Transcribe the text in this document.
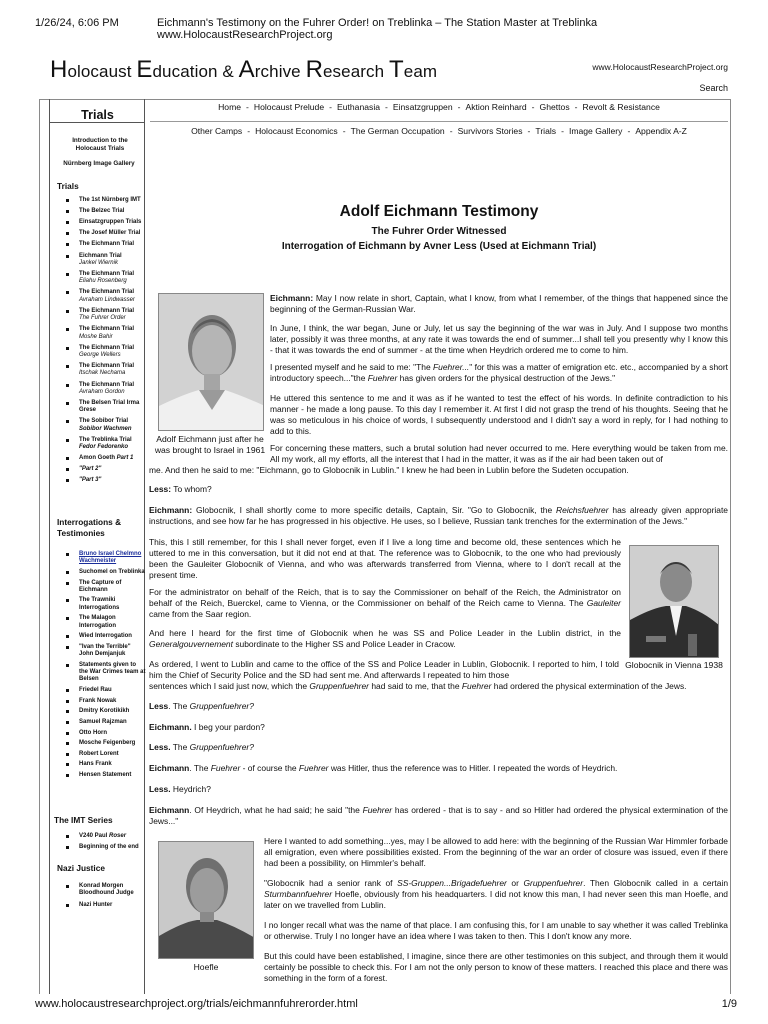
1/26/24, 6:06 PM	Eichmann's Testimony on the Fuhrer Order! on Treblinka – The Station Master at Treblinka www.HolocaustResearchProject.org
Holocaust Education & Archive Research Team	www.HolocaustResearchProject.org
Search
Trials
Introduction to the Holocaust Trials
Nürnberg Image Gallery
Trials
The 1st Nürnberg IMT
The Belzec Trial
Einsatzgruppen Trials
The Josef Müller Trial
The Eichmann Trial
Eichmann Trial
Jankel Wiernik
The Eichmann Trial
Eliahu Rosenberg
The Eichmann Trial
Avraham Lindwasser
The Eichmann Trial
The Fuhrer Order
The Eichmann Trial
Moshe Bahir
The Eichmann Trial
George Wellers
The Eichmann Trial
Itschak Nechama
The Eichmann Trial
Avraham Gordon
The Belsen Trial Irma Grese
The Sobibor Trial
Sobibor Wachmen
The Treblinka Trial
Fedor Fedorenko
Amon Goeth Part 1
"Part 2"
"Part 3"
Interrogations & Testimonies
Bruno Israel Chelmno Wachmeister
Suchomel on Treblinka
The Capture of Eichmann
The Trawniki Interrogations
The Malagon Interrogation
Wied Interrogation
"Ivan the Terrible" John Demjanjuk
Statements given to the War Crimes team at Belsen
Friedel Rau
Frank Nowak
Dmitry Korotikikh
Samuel Rajzman
Otto Horn
Mosche Feigenberg
Robert Lorent
Hans Frank
Hensen Statement
The IMT Series
V240 Paul Roser
Beginning of the end
Nazi Justice
Konrad Morgen Bloodhound Judge
Nazi Hunter
Home - Holocaust Prelude - Euthanasia - Einsatzgruppen - Aktion Reinhard - Ghettos - Revolt & Resistance
Other Camps - Holocaust Economics - The German Occupation - Survivors Stories - Trials - Image Gallery - Appendix A-Z
Adolf Eichmann Testimony
The Fuhrer Order Witnessed
Interrogation of Eichmann by Avner Less (Used at Eichmann Trial)
Adolf Eichmann just after he was brought to Israel in 1961
Globocnik in Vienna 1938
Hoefle
Eichmann: May I now relate in short, Captain, what I know, from what I remember, of the things that happened since the beginning of the German-Russian War.
In June, I think, the war began, June or July, let us say the beginning of the war was in July. And I suppose two months later, possibly it was three months, at any rate it was towards the end of summer...I shall tell you presently why I know this - that it was towards the end of summer - at the time when Heydrich ordered me to come to him.
I presented myself and he said to me: "The Fuehrer..." for this was a matter of emigration etc. etc., accompanied by a short introductory speech..."the Fuehrer has given orders for the physical destruction of the Jews."
He uttered this sentence to me and it was as if he wanted to test the effect of his words. In definite contradiction to his manner - he made a long pause. To this day I remember it. At first I did not grasp the trend of his thoughts. Seeing that he was so meticulous in his choice of words, I subsequently understood and I didn't say a word in reply, for I had nothing to add to this.
For concerning these matters, such a brutal solution had never occurred to me. Here everything would be taken from me. All my work, all my efforts, all the interest that I had in the matter, it was as if the air had been taken out of
me. And then he said to me: "Eichmann, go to Globocnik in Lublin." I knew he had been in Lublin before the Sudeten occupation.
Less: To whom?
Eichmann: Globocnik, I shall shortly come to more specific details, Captain, Sir. "Go to Globocnik, the Reichsfuehrer has already given appropriate instructions, and see how far he has progressed in his objective. He uses, so I believe, Russian tank trenches for the extermination of the Jews."
This, this I still remember, for this I shall never forget, even if I live a long time and become old, these sentences which he uttered to me in this conversation, but it did not end at that. The reference was to Globocnik, to the one who had previously been the Gauleiter Globocnik of Vienna, and who was afterwards transferred from Vienna, where to I don't recall at the present time.
For the administrator on behalf of the Reich, that is to say the Commissioner on behalf of the Reich, the Administrator on behalf of the Reich, Buerckel, came to Vienna, or the Commissioner on behalf of the Reich came to Vienna. The Gauleiter came from the Saar region.
And here I heard for the first time of Globocnik when he was SS and Police Leader in the Lublin district, in the Generalgouvernement subordinate to the Higher SS and Police Leader in Cracow.
As ordered, I went to Lublin and came to the office of the SS and Police Leader in Lublin, Globocnik. I reported to him, I told him the Chief of Security Police and the SD had sent me. And afterwards I repeated to him those
sentences which I said just now, which the Gruppenfuehrer had said to me, that the Fuehrer had ordered the physical extermination of the Jews.
Less. The Gruppenfuehrer?
Eichmann. I beg your pardon?
Less. The Gruppenfuehrer?
Eichmann. The Fuehrer - of course the Fuehrer was Hitler, thus the reference was to Hitler. I repeated the words of Heydrich.
Less. Heydrich?
Eichmann. Of Heydrich, what he had said; he said "the Fuehrer has ordered - that is to say - and so Hitler had ordered the physical extermination of the Jews..."
Here I wanted to add something...yes, may I be allowed to add here: with the beginning of the Russian War Himmler forbade all emigration, even where possibilities existed. From the beginning of the war an order of closure was issued, even if there had been a possibility, on Himmler's behalf.
"Globocnik had a senior rank of SS-Gruppen...Brigadefuehrer or Gruppenfuehrer. Then Globocnik called in a certain Sturmbannfuehrer Hoefle, obviously from his headquarters. I did not know this man, I had never seen this man Hoefle, and later on we travelled from Lublin.
I no longer recall what was the name of that place. I am confusing this, for I am unable to say whether it was called Treblinka or otherwise. Truly I no longer have an idea where I was taken to then. This I don't know any more.
But this could have been established, I imagine, since there are other testimonies on this subject, and through them it would certainly be possible to check this. For I am not the only person to know of these matters. I reached this place and there was something in the form of a forest.
www.holocaustresearchproject.org/trials/eichmannfuhrerorder.html	1/9
